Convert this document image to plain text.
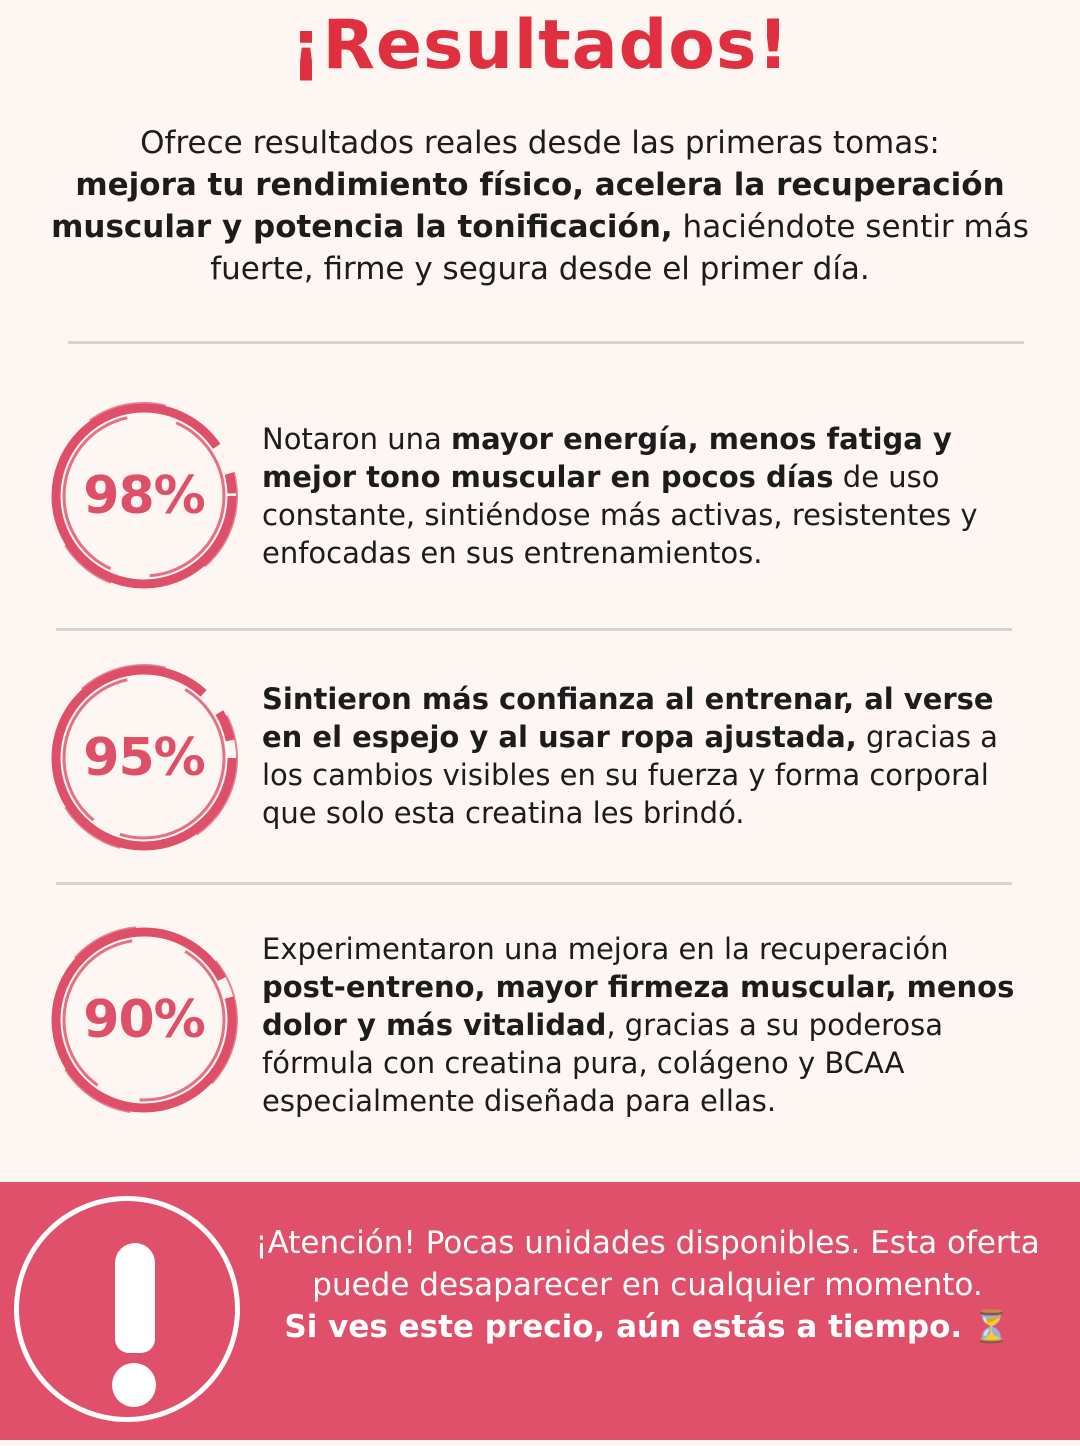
¡Resultados!

Ofrece resultados reales desde las primeras tomas:
mejora tu rendimiento físico, acelera la recuperación muscular y potencia la tonificación, haciéndote sentir más fuerte, firme y segura desde el primer día.

98%

Notaron una mayor energía, menos fatiga y mejor tono muscular en pocos días de uso constante, sintiéndose más activas, resistentes y enfocadas en sus entrenamientos.

95%

Sintieron más confianza al entrenar, al verse en el espejo y al usar ropa ajustada, gracias a los cambios visibles en su fuerza y forma corporal que solo esta creatina les brindó.

90%

Experimentaron una mejora en la recuperación post-entreno, mayor firmeza muscular, menos dolor y más vitalidad, gracias a su poderosa fórmula con creatina pura, colágeno y BCAA especialmente diseñada para ellas.

¡Atención! Pocas unidades disponibles. Esta oferta puede desaparecer en cualquier momento.
Si ves este precio, aún estás a tiempo. ⏳
